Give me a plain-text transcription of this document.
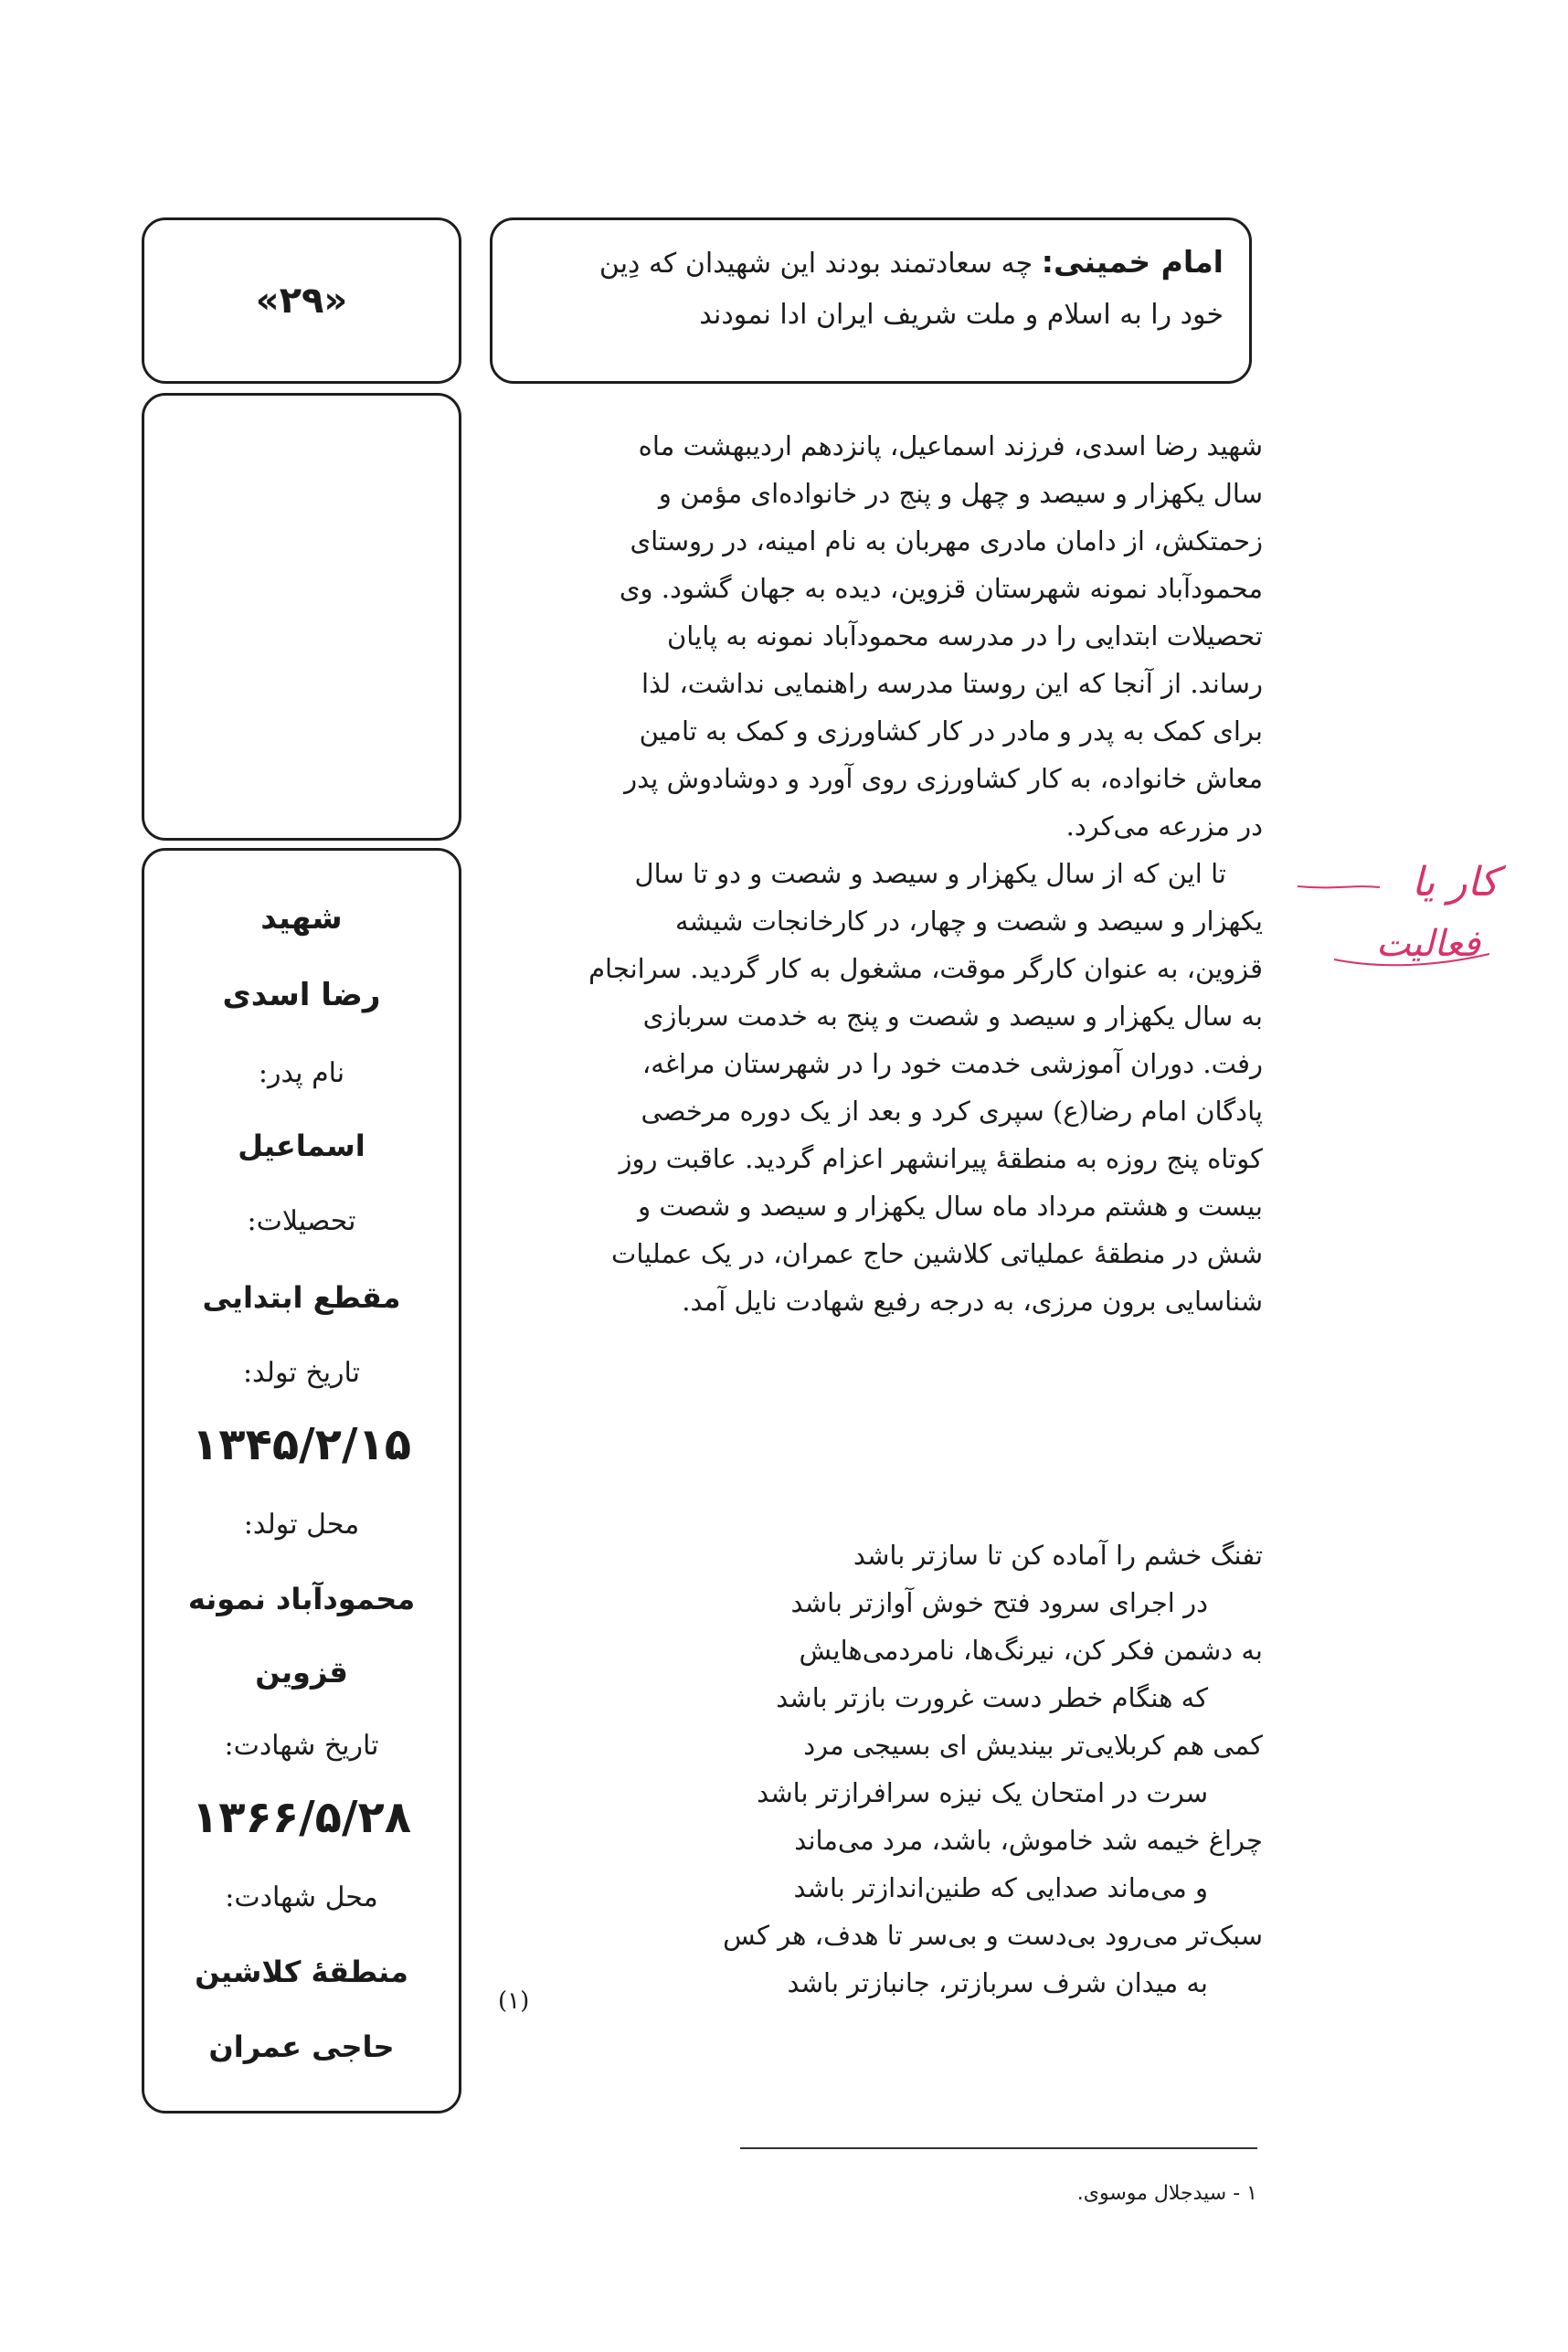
«۲۹»
امام خمینی: چه سعادتمند بودند این شهیدان که دِین
خود را به اسلام و ملت شریف ایران ادا نمودند
شهید
رضا اسدی
نام پدر:
اسماعیل
تحصیلات:
مقطع ابتدایی
تاریخ تولد:
۱۳۴۵/۲/۱۵
محل تولد:
محمودآباد نمونه
قزوین
تاریخ شهادت:
۱۳۶۶/۵/۲۸
محل شهادت:
منطقهٔ کلاشین
حاجی عمران
شهید رضا اسدی، فرزند اسماعیل، پانزدهم اردیبهشت ماه
سال یکهزار و سیصد و چهل و پنج در خانواده‌ای مؤمن و
زحمتکش، از دامان مادری مهربان به نام امینه، در روستای
محمودآباد نمونه شهرستان قزوین، دیده به جهان گشود. وی
تحصیلات ابتدایی را در مدرسه محمودآباد نمونه به پایان
رساند. از آنجا که این روستا مدرسه راهنمایی نداشت، لذا
برای کمک به پدر و مادر در کار کشاورزی و کمک به تامین
معاش خانواده، به کار کشاورزی روی آورد و دوشادوش پدر
در مزرعه می‌کرد.
تا این که از سال یکهزار و سیصد و شصت و دو تا سال
یکهزار و سیصد و شصت و چهار، در کارخانجات شیشه
قزوین، به عنوان کارگر موقت، مشغول به کار گردید. سرانجام
به سال یکهزار و سیصد و شصت و پنج به خدمت سربازی
رفت. دوران آموزشی خدمت خود را در شهرستان مراغه،
پادگان امام رضا(ع) سپری کرد و بعد از یک دوره مرخصی
کوتاه پنج روزه به منطقهٔ پیرانشهر اعزام گردید. عاقبت روز
بیست و هشتم مرداد ماه سال یکهزار و سیصد و شصت و
شش در منطقهٔ عملیاتی کلاشین حاج عمران، در یک عملیات
شناسایی برون مرزی، به درجه رفیع شهادت نایل آمد.
کار یا
فعالیت
تفنگ خشم را آماده کن تا سازتر باشد
در اجرای سرود فتح خوش آوازتر باشد
به دشمن فکر کن، نیرنگ‌ها، نامردمی‌هایش
که هنگام خطر دست غرورت بازتر باشد
کمی هم کربلایی‌تر بیندیش ای بسیجی مرد
سرت در امتحان یک نیزه سرافرازتر باشد
چراغ خیمه شد خاموش، باشد، مرد می‌ماند
و می‌ماند صدایی که طنین‌اندازتر باشد
سبک‌تر می‌رود بی‌دست و بی‌سر تا هدف، هر کس
به میدان شرف سربازتر، جانبازتر باشد
(۱)
۱ - سیدجلال موسوی.
